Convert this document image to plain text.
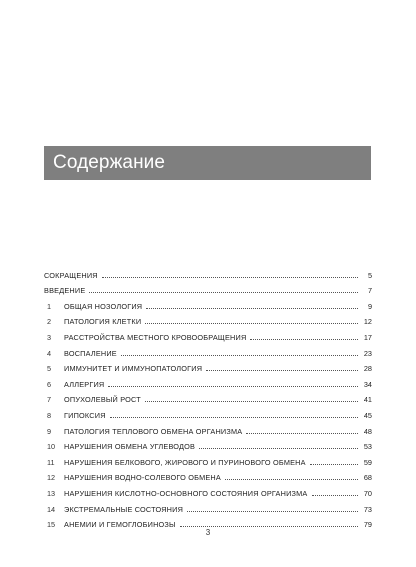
Содержание
СОКРАЩЕНИЯ	5
ВВЕДЕНИЕ	7
1	ОБЩАЯ НОЗОЛОГИЯ	9
2	ПАТОЛОГИЯ КЛЕТКИ	12
3	РАССТРОЙСТВА МЕСТНОГО КРОВООБРАЩЕНИЯ	17
4	ВОСПАЛЕНИЕ	23
5	ИММУНИТЕТ И ИММУНОПАТОЛОГИЯ	28
6	АЛЛЕРГИЯ	34
7	ОПУХОЛЕВЫЙ РОСТ	41
8	ГИПОКСИЯ	45
9	ПАТОЛОГИЯ ТЕПЛОВОГО ОБМЕНА ОРГАНИЗМА	48
10	НАРУШЕНИЯ ОБМЕНА УГЛЕВОДОВ	53
11	НАРУШЕНИЯ БЕЛКОВОГО, ЖИРОВОГО И ПУРИНОВОГО ОБМЕНА	59
12	НАРУШЕНИЯ ВОДНО-СОЛЕВОГО ОБМЕНА	68
13	НАРУШЕНИЯ КИСЛОТНО-ОСНОВНОГО СОСТОЯНИЯ ОРГАНИЗМА	70
14	ЭКСТРЕМАЛЬНЫЕ СОСТОЯНИЯ	73
15	АНЕМИИ И ГЕМОГЛОБИНОЗЫ	79
3
